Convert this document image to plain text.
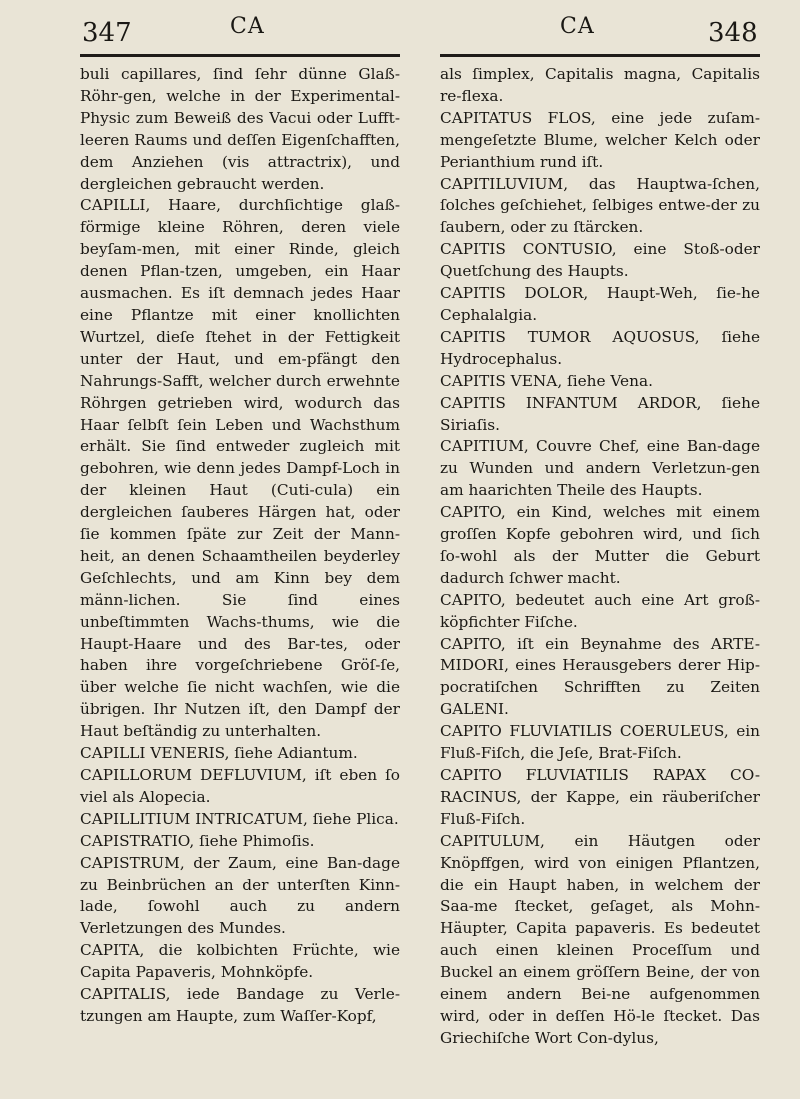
347	CA	CA	348

buli capillares, ſind ſehr dünne Glaß-Röhr-gen, welche in der Experimental-Physic zum Beweiß des Vacui oder Lufft-leeren Raums und deſſen Eigenſchafften, dem Anziehen (vis attractrix), und dergleichen gebraucht werden.

CAPILLI, Haare, durchſichtige glaß-förmige kleine Röhren, deren viele beyſam-men, mit einer Rinde, gleich denen Pflan-tzen, umgeben, ein Haar ausmachen. Es iſt demnach jedes Haar eine Pflantze mit einer knollichten Wurtzel, dieſe ſtehet in der Fettigkeit unter der Haut, und em-pfängt den Nahrungs-Safft, welcher durch erwehnte Röhrgen getrieben wird, wodurch das Haar ſelbſt ſein Leben und Wachsthum erhält. Sie ſind entweder zugleich mit gebohren, wie denn jedes Dampf-Loch in der kleinen Haut (Cuti-cula) ein dergleichen ſauberes Härgen hat, oder ſie kommen ſpäte zur Zeit der Mann-heit, an denen Schaamtheilen beyderley Geſchlechts, und am Kinn bey dem männ-lichen. Sie ſind eines unbeſtimmten Wachs-thums, wie die Haupt-Haare und des Bar-tes, oder haben ihre vorgeſchriebene Gröſ-ſe, über welche ſie nicht wachſen, wie die übrigen. Ihr Nutzen iſt, den Dampf der Haut beſtändig zu unterhalten.

CAPILLI VENERIS, ſiehe Adiantum.

CAPILLORUM DEFLUVIUM, iſt eben ſo viel als Alopecia.

CAPILLITIUM INTRICATUM, ſiehe Plica.

CAPISTRATIO, ſiehe Phimoſis.

CAPISTRUM, der Zaum, eine Ban-dage zu Beinbrüchen an der unterſten Kinn-lade, ſowohl auch zu andern Verletzungen des Mundes.

CAPITA, die kolbichten Früchte, wie Capita Papaveris, Mohnköpfe.

CAPITALIS, iede Bandage zu Verle-tzungen am Haupte, zum Waſſer-Kopf,

als ſimplex, Capitalis magna, Capitalis re-flexa.

CAPITATUS FLOS, eine jede zuſam-mengeſetzte Blume, welcher Kelch oder Perianthium rund iſt.

CAPITILUVIUM, das Hauptwa-ſchen, ſolches geſchiehet, ſelbiges entwe-der zu ſaubern, oder zu ſtärcken.

CAPITIS CONTUSIO, eine Stoß-oder Quetſchung des Haupts.

CAPITIS DOLOR, Haupt-Weh, ſie-he Cephalalgia.

CAPITIS TUMOR AQUOSUS, ſiehe Hydrocephalus.

CAPITIS VENA, ſiehe Vena.

CAPITIS INFANTUM ARDOR, ſiehe Siriaſis.

CAPITIUM, Couvre Chef, eine Ban-dage zu Wunden und andern Verletzun-gen am haarichten Theile des Haupts.

CAPITO, ein Kind, welches mit einem groſſen Kopfe gebohren wird, und ſich ſo-wohl als der Mutter die Geburt dadurch ſchwer macht.

CAPITO, bedeutet auch eine Art groß-köpfichter Fiſche.

CAPITO, iſt ein Beynahme des ARTE-MIDORI, eines Herausgebers derer Hip-pocratiſchen Schrifften zu Zeiten GALENI.

CAPITO FLUVIATILIS COERULEUS, ein Fluß-Fiſch, die Jeſe, Brat-Fiſch.

CAPITO FLUVIATILIS RAPAX CO-RACINUS, der Kappe, ein räuberiſcher Fluß-Fiſch.

CAPITULUM, ein Häutgen oder Knöpffgen, wird von einigen Pflantzen, die ein Haupt haben, in welchem der Saa-me ſtecket, geſaget, als Mohn-Häupter, Capita papaveris. Es bedeutet auch einen kleinen Proceſſum und Buckel an einem gröſſern Beine, der von einem andern Bei-ne aufgenommen wird, oder in deſſen Hö-le ſtecket. Das Griechiſche Wort Con-dylus,
